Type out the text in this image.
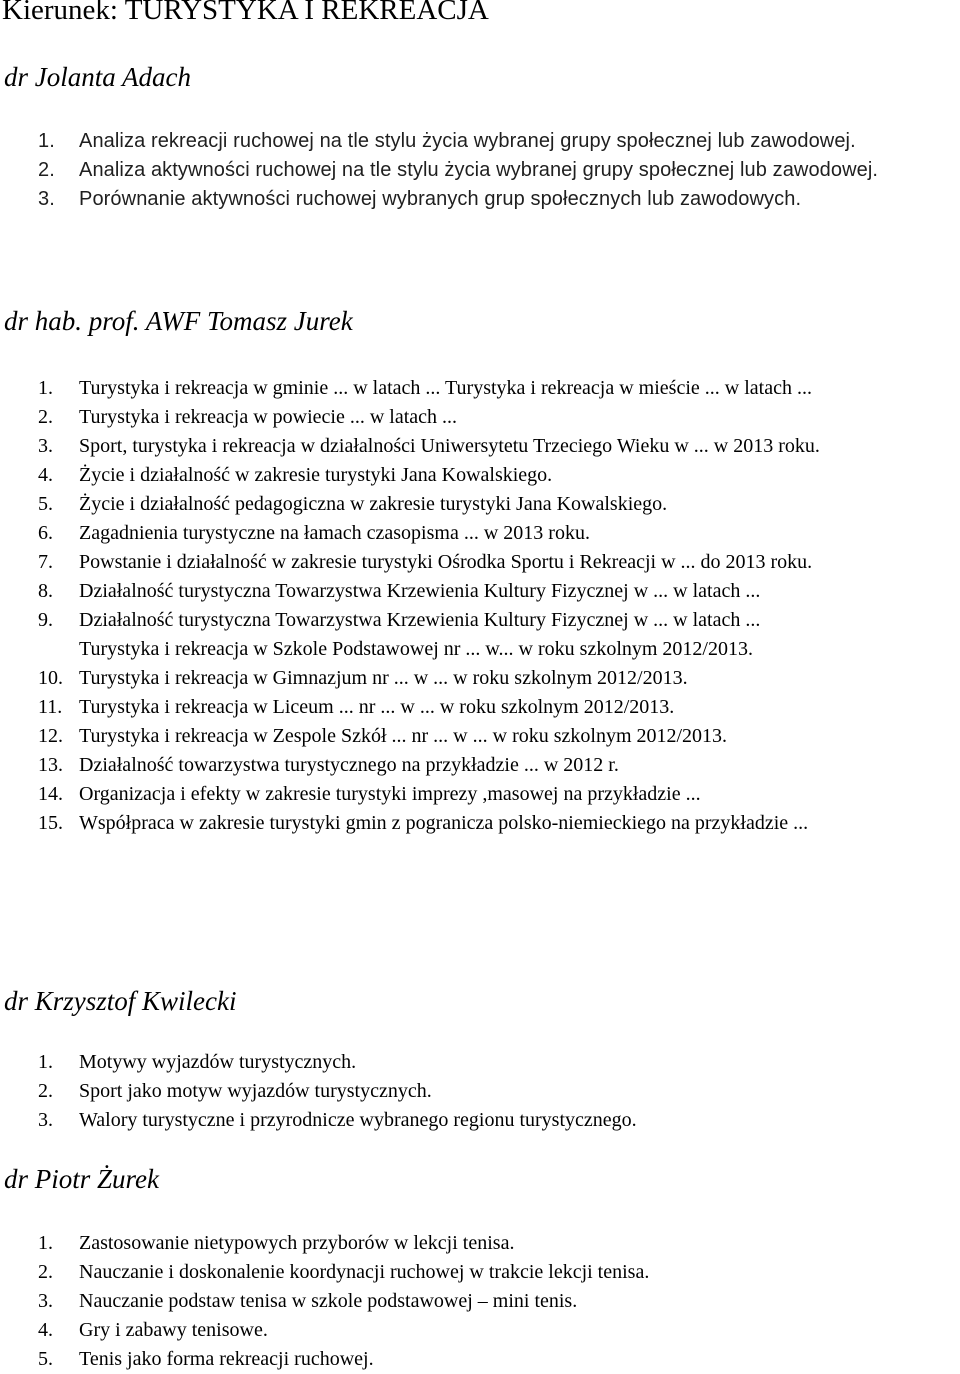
Kierunek: TURYSTYKA I REKREACJA
dr Jolanta Adach
1. Analiza rekreacji ruchowej na tle stylu życia wybranej grupy społecznej lub zawodowej.
2. Analiza aktywności ruchowej na tle stylu życia wybranej grupy społecznej lub zawodowej.
3. Porównanie aktywności ruchowej wybranych grup społecznych lub zawodowych.
dr hab. prof. AWF Tomasz Jurek
1. Turystyka i rekreacja w gminie ... w latach ... Turystyka i rekreacja w mieście ... w latach ...
2. Turystyka i rekreacja w powiecie ... w latach ...
3. Sport, turystyka i rekreacja w działalności Uniwersytetu Trzeciego Wieku w ... w 2013 roku.
4. Życie i działalność w zakresie turystyki Jana Kowalskiego.
5. Życie i działalność pedagogiczna w zakresie turystyki Jana Kowalskiego.
6. Zagadnienia turystyczne na łamach czasopisma ... w 2013 roku.
7. Powstanie i działalność w zakresie turystyki Ośrodka Sportu i Rekreacji w ... do 2013 roku.
8. Działalność turystyczna Towarzystwa Krzewienia Kultury Fizycznej w ... w latach ...
9. Działalność turystyczna Towarzystwa Krzewienia Kultury Fizycznej w ... w latach ...
Turystyka i rekreacja w Szkole Podstawowej nr ... w... w roku szkolnym 2012/2013.
10. Turystyka i rekreacja w Gimnazjum nr ... w ... w roku szkolnym 2012/2013.
11. Turystyka i rekreacja w Liceum ... nr ... w ... w roku szkolnym 2012/2013.
12. Turystyka i rekreacja w Zespole Szkół ... nr ... w ... w roku szkolnym 2012/2013.
13. Działalność towarzystwa turystycznego na przykładzie ... w 2012 r.
14. Organizacja i efekty w zakresie turystyki imprezy ,masowej na przykładzie ...
15. Współpraca w zakresie turystyki gmin z pogranicza polsko-niemieckiego na przykładzie ...
dr Krzysztof Kwilecki
1. Motywy wyjazdów turystycznych.
2. Sport jako motyw wyjazdów turystycznych.
3. Walory turystyczne i przyrodnicze wybranego regionu turystycznego.
dr Piotr Żurek
1. Zastosowanie nietypowych przyborów w lekcji tenisa.
2. Nauczanie i doskonalenie koordynacji ruchowej w trakcie lekcji tenisa.
3. Nauczanie podstaw tenisa w szkole podstawowej – mini tenis.
4. Gry i zabawy tenisowe.
5. Tenis jako forma rekreacji ruchowej.
